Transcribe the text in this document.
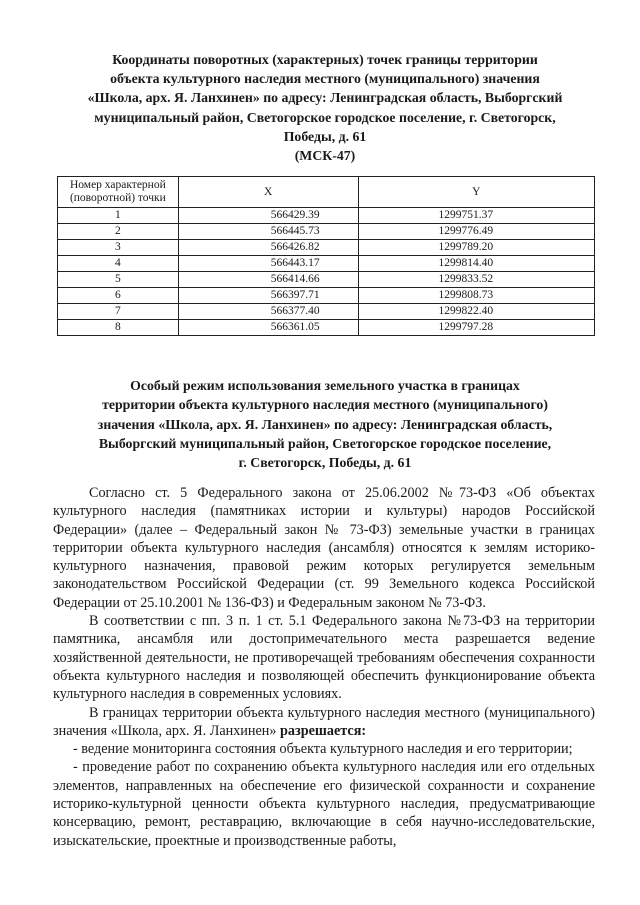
Координаты поворотных (характерных) точек границы территории
объекта культурного наследия местного (муниципального) значения
«Школа, арх. Я. Ланхинен» по адресу: Ленинградская область, Выборгский
муниципальный район, Светогорское городское поселение, г. Светогорск,
Победы, д. 61
(МСК-47)
Номер характерной
(поворотной) точки	X	Y
1	566429.39	1299751.37
2	566445.73	1299776.49
3	566426.82	1299789.20
4	566443.17	1299814.40
5	566414.66	1299833.52
6	566397.71	1299808.73
7	566377.40	1299822.40
8	566361.05	1299797.28
Особый режим использования земельного участка в границах
территории объекта культурного наследия местного (муниципального)
значения «Школа, арх. Я. Ланхинен» по адресу: Ленинградская область,
Выборгский муниципальный район, Светогорское городское поселение,
г. Светогорск, Победы, д. 61

Согласно ст. 5 Федерального закона от 25.06.2002 №73-ФЗ «Об объектах культурного наследия (памятниках истории и культуры) народов Российской Федерации» (далее – Федеральный закон № 73-ФЗ) земельные участки в границах территории объекта культурного наследия (ансамбля) относятся к землям историко-культурного назначения, правовой режим которых регулируется земельным законодательством Российской Федерации (ст. 99 Земельного кодекса Российской Федерации от 25.10.2001 № 136-ФЗ) и Федеральным законом № 73-ФЗ.

В соответствии с пп. 3 п. 1 ст. 5.1 Федерального закона №73-ФЗ на территории памятника, ансамбля или достопримечательного места разрешается ведение хозяйственной деятельности, не противоречащей требованиям обеспечения сохранности объекта культурного наследия и позволяющей обеспечить функционирование объекта культурного наследия в современных условиях.

В границах территории объекта культурного наследия местного (муниципального) значения «Школа, арх. Я. Ланхинен» разрешается:

- ведение мониторинга состояния объекта культурного наследия и его территории;

- проведение работ по сохранению объекта культурного наследия или его отдельных элементов, направленных на обеспечение его физической сохранности и сохранение историко-культурной ценности объекта культурного наследия, предусматривающие консервацию, ремонт, реставрацию, включающие в себя научно-исследовательские, изыскательские, проектные и производственные работы,
